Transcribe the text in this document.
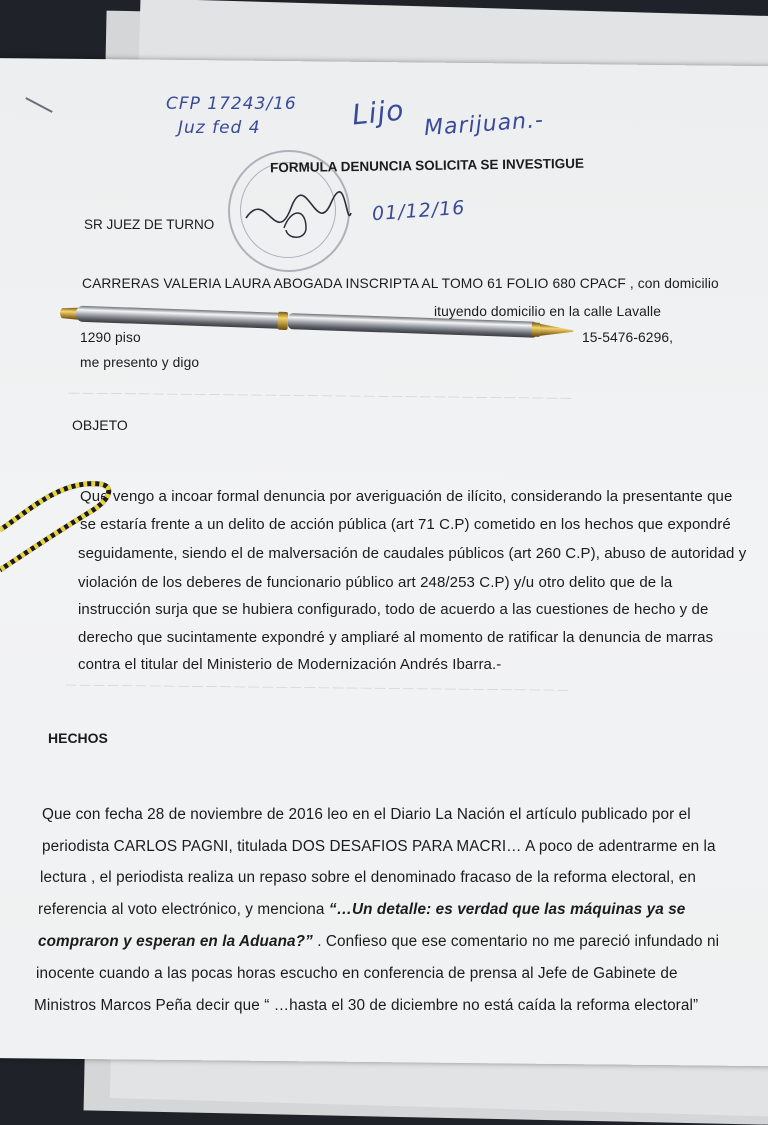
— — — — — — — — — — — — — — — — — — — — — — — — — — — — — — — — — — — —
— — — — — — — — — — — — — — — — — — — — — — — — — — — — — — — — — — — —
CFP 17243/16
Juz fed 4	Lijo Marijuan.-
01/12/16
FORMULA DENUNCIA SOLICITA SE INVESTIGUE
SR JUEZ DE TURNO
CARRERAS VALERIA LAURA ABOGADA INSCRIPTA AL TOMO 61 FOLIO 680 CPACF , con domicilio
1290 piso
ituyendo domicilio en la calle Lavalle
15-5476-6296,
me presento y digo
OBJETO
Que vengo a incoar formal denuncia por averiguación de ilícito, considerando la presentante que
se estaría frente a un delito de acción pública (art 71 C.P) cometido en los hechos que expondré
seguidamente, siendo el de malversación de caudales públicos (art 260 C.P), abuso de autoridad y
violación de los deberes de funcionario público art 248/253 C.P) y/u otro delito que de la
instrucción surja que se hubiera configurado, todo de acuerdo a las cuestiones de hecho y de
derecho que sucintamente expondré y ampliaré al momento de ratificar la denuncia de marras
contra el titular del Ministerio de Modernización Andrés Ibarra.-
HECHOS
Que con fecha 28 de noviembre de 2016 leo en el Diario La Nación el artículo publicado por el
periodista CARLOS PAGNI, titulada DOS DESAFIOS PARA MACRI… A poco de adentrarme en la
lectura , el periodista realiza un repaso sobre el denominado fracaso de la reforma electoral, en
referencia al voto electrónico, y menciona “…Un detalle: es verdad que las máquinas ya se
compraron y esperan en la Aduana?” . Confieso que ese comentario no me pareció infundado ni
inocente cuando a las pocas horas escucho en conferencia de prensa al Jefe de Gabinete de
Ministros Marcos Peña decir que “ …hasta el 30 de diciembre no está caída la reforma electoral”
